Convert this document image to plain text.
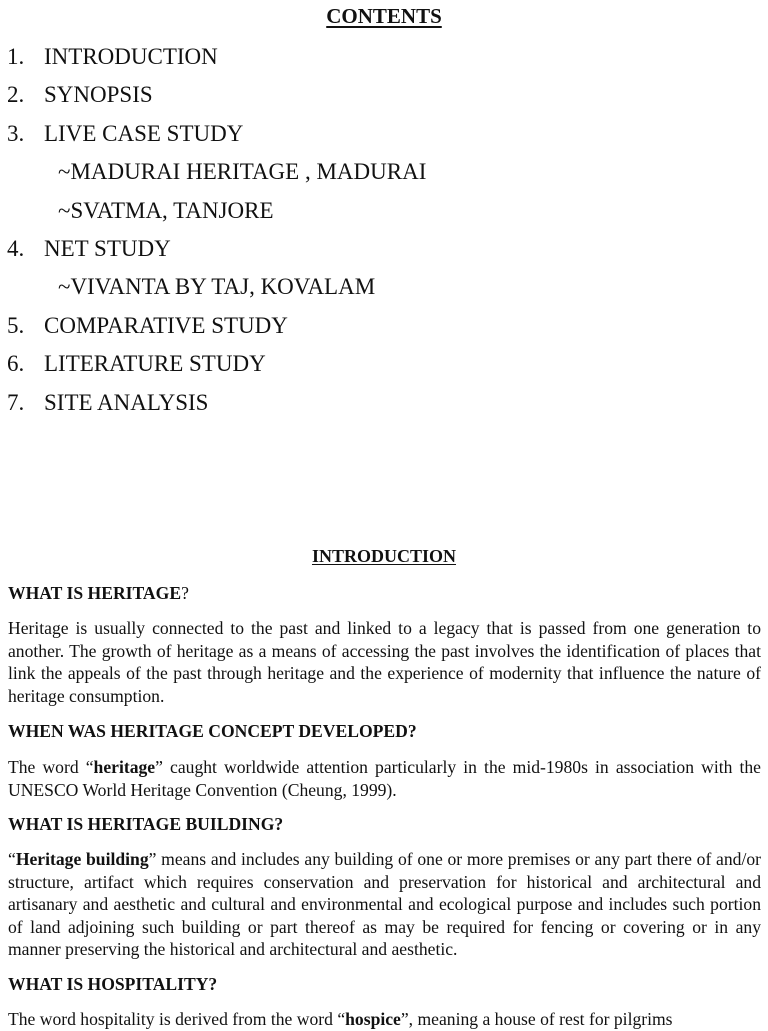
CONTENTS
1. INTRODUCTION
2. SYNOPSIS
3. LIVE CASE STUDY
~MADURAI HERITAGE , MADURAI
~SVATMA, TANJORE
4. NET STUDY
~VIVANTA BY TAJ, KOVALAM
5. COMPARATIVE STUDY
6. LITERATURE STUDY
7. SITE ANALYSIS
INTRODUCTION

WHAT IS HERITAGE?

Heritage is usually connected to the past and linked to a legacy that is passed from one generation to another. The growth of heritage as a means of accessing the past involves the identification of places that link the appeals of the past through heritage and the experience of modernity that influence the nature of heritage consumption.

WHEN WAS HERITAGE CONCEPT DEVELOPED?

The word “heritage” caught worldwide attention particularly in the mid-1980s in association with the UNESCO World Heritage Convention (Cheung, 1999).

WHAT IS HERITAGE BUILDING?

“Heritage building” means and includes any building of one or more premises or any part there of and/or structure, artifact which requires conservation and preservation for historical and architectural and artisanary and aesthetic and cultural and environmental and ecological purpose and includes such portion of land adjoining such building or part thereof as may be required for fencing or covering or in any manner preserving the historical and architectural and aesthetic.

WHAT IS HOSPITALITY?

The word hospitality is derived from the word “hospice”, meaning a house of rest for pilgrims
